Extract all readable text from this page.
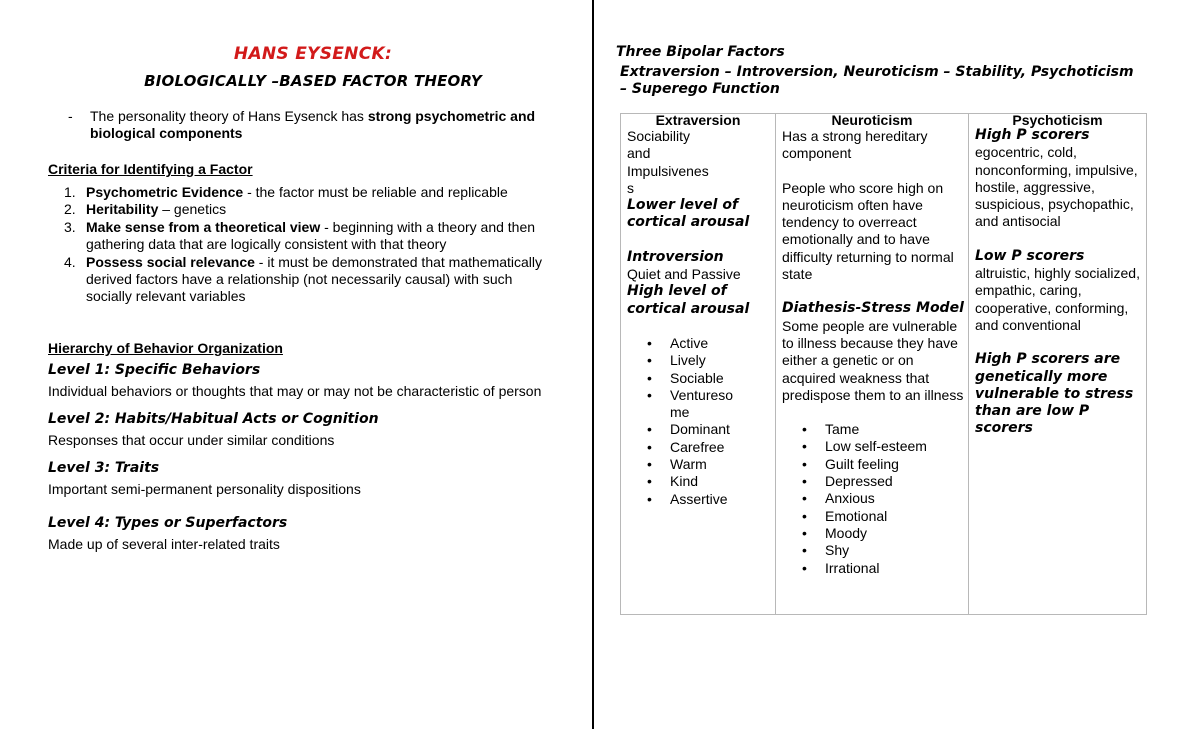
HANS EYSENCK:
BIOLOGICALLY –BASED FACTOR THEORY
- The personality theory of Hans Eysenck has strong psychometric and biological components
Criteria for Identifying a Factor
1. Psychometric Evidence - the factor must be reliable and replicable
2. Heritability – genetics
3. Make sense from a theoretical view - beginning with a theory and then gathering data that are logically consistent with that theory
4. Possess social relevance - it must be demonstrated that mathematically derived factors have a relationship (not necessarily causal) with such socially relevant variables
Hierarchy of Behavior Organization
Level 1: Specific Behaviors
Individual behaviors or thoughts that may or may not be characteristic of person
Level 2: Habits/Habitual Acts or Cognition
Responses that occur under similar conditions
Level 3: Traits
Important semi-permanent personality dispositions
Level 4: Types or Superfactors
Made up of several inter-related traits
Three Bipolar Factors
Extraversion – Introversion, Neuroticism – Stability, Psychoticism – Superego Function
Extraversion

Sociability

and

Impulsivenes

s

Lower level of

cortical arousal

Introversion

Quiet and Passive

High level of

cortical arousal

• Active
• Lively
• Sociable
• Ventureso
me
• Dominant
• Carefree
• Warm
• Kind
• Assertive
Neuroticism

Has a strong hereditary component

People who score high on neuroticism often have tendency to overreact emotionally and to have difficulty returning to normal state

Diathesis-Stress Model

Some people are vulnerable to illness because they have either a genetic or on acquired weakness that predispose them to an illness

• Tame
• Low self-esteem
• Guilt feeling
• Depressed
• Anxious
• Emotional
• Moody
• Shy
• Irrational
Psychoticism

High P scorers

egocentric, cold, nonconforming, impulsive, hostile, aggressive, suspicious, psychopathic, and antisocial

Low P scorers

altruistic, highly socialized, empathic, caring, cooperative, conforming, and conventional

High P scorers are genetically more vulnerable to stress than are low P scorers
